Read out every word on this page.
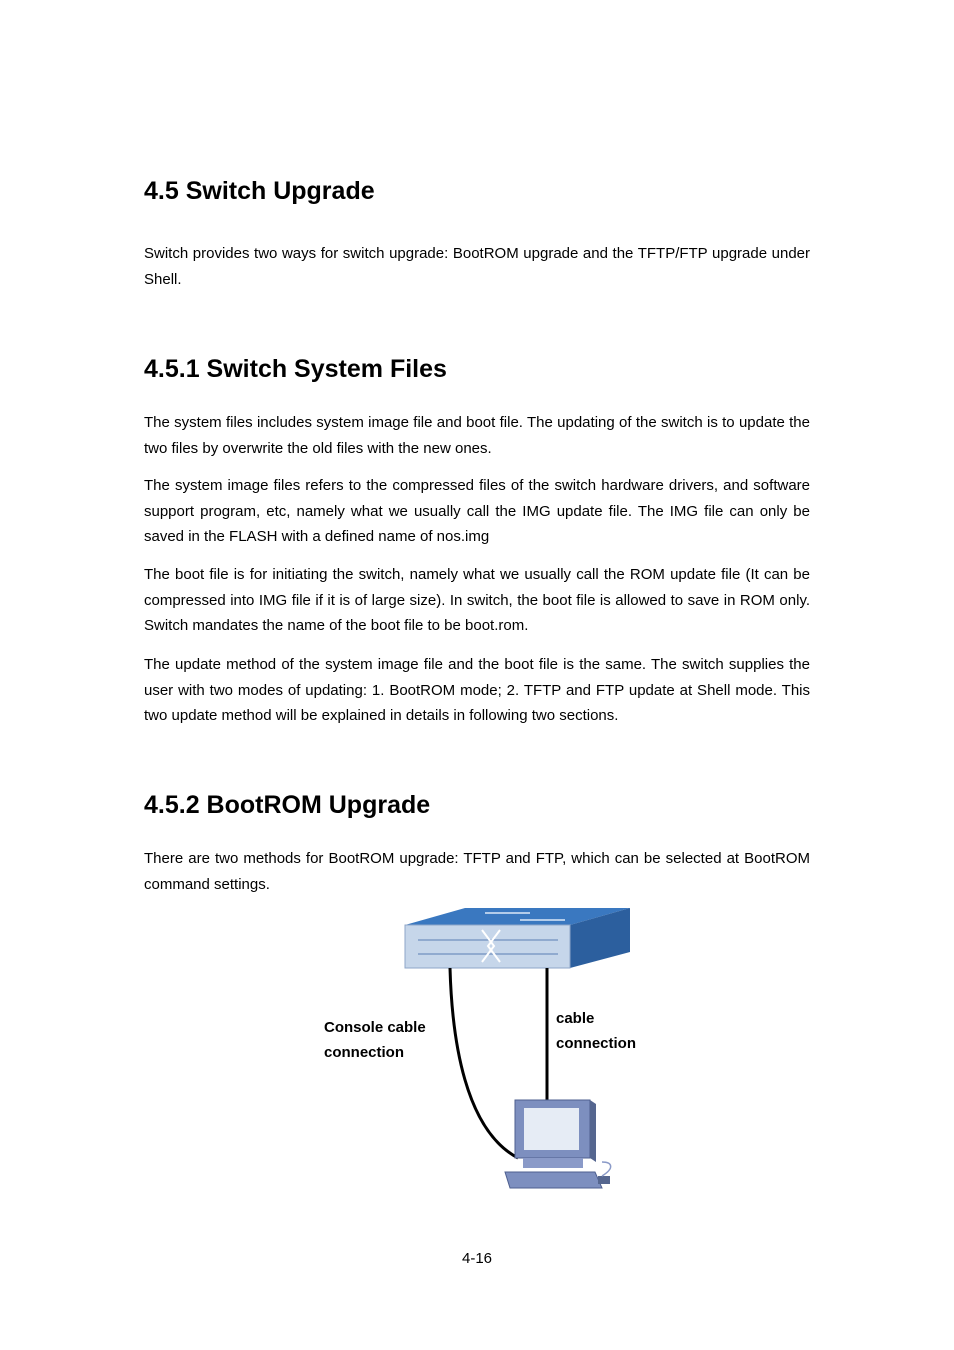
4.5 Switch Upgrade

Switch provides two ways for switch upgrade: BootROM upgrade and the TFTP/FTP upgrade under Shell.

4.5.1 Switch System Files

The system files includes system image file and boot file. The updating of the switch is to update the two files by overwrite the old files with the new ones.

The system image files refers to the compressed files of the switch hardware drivers, and software support program, etc, namely what we usually call the IMG update file. The IMG file can only be saved in the FLASH with a defined name of nos.img

The boot file is for initiating the switch, namely what we usually call the ROM update file (It can be compressed into IMG file if it is of large size). In switch, the boot file is allowed to save in ROM only. Switch mandates the name of the boot file to be boot.rom.

The update method of the system image file and the boot file is the same. The switch supplies the user with two modes of updating: 1. BootROM mode; 2. TFTP and FTP update at Shell mode. This two update method will be explained in details in following two sections.

4.5.2 BootROM Upgrade

There are two methods for BootROM upgrade: TFTP and FTP, which can be selected at BootROM command settings.

Console cable
connection
cable
connection
4-16
